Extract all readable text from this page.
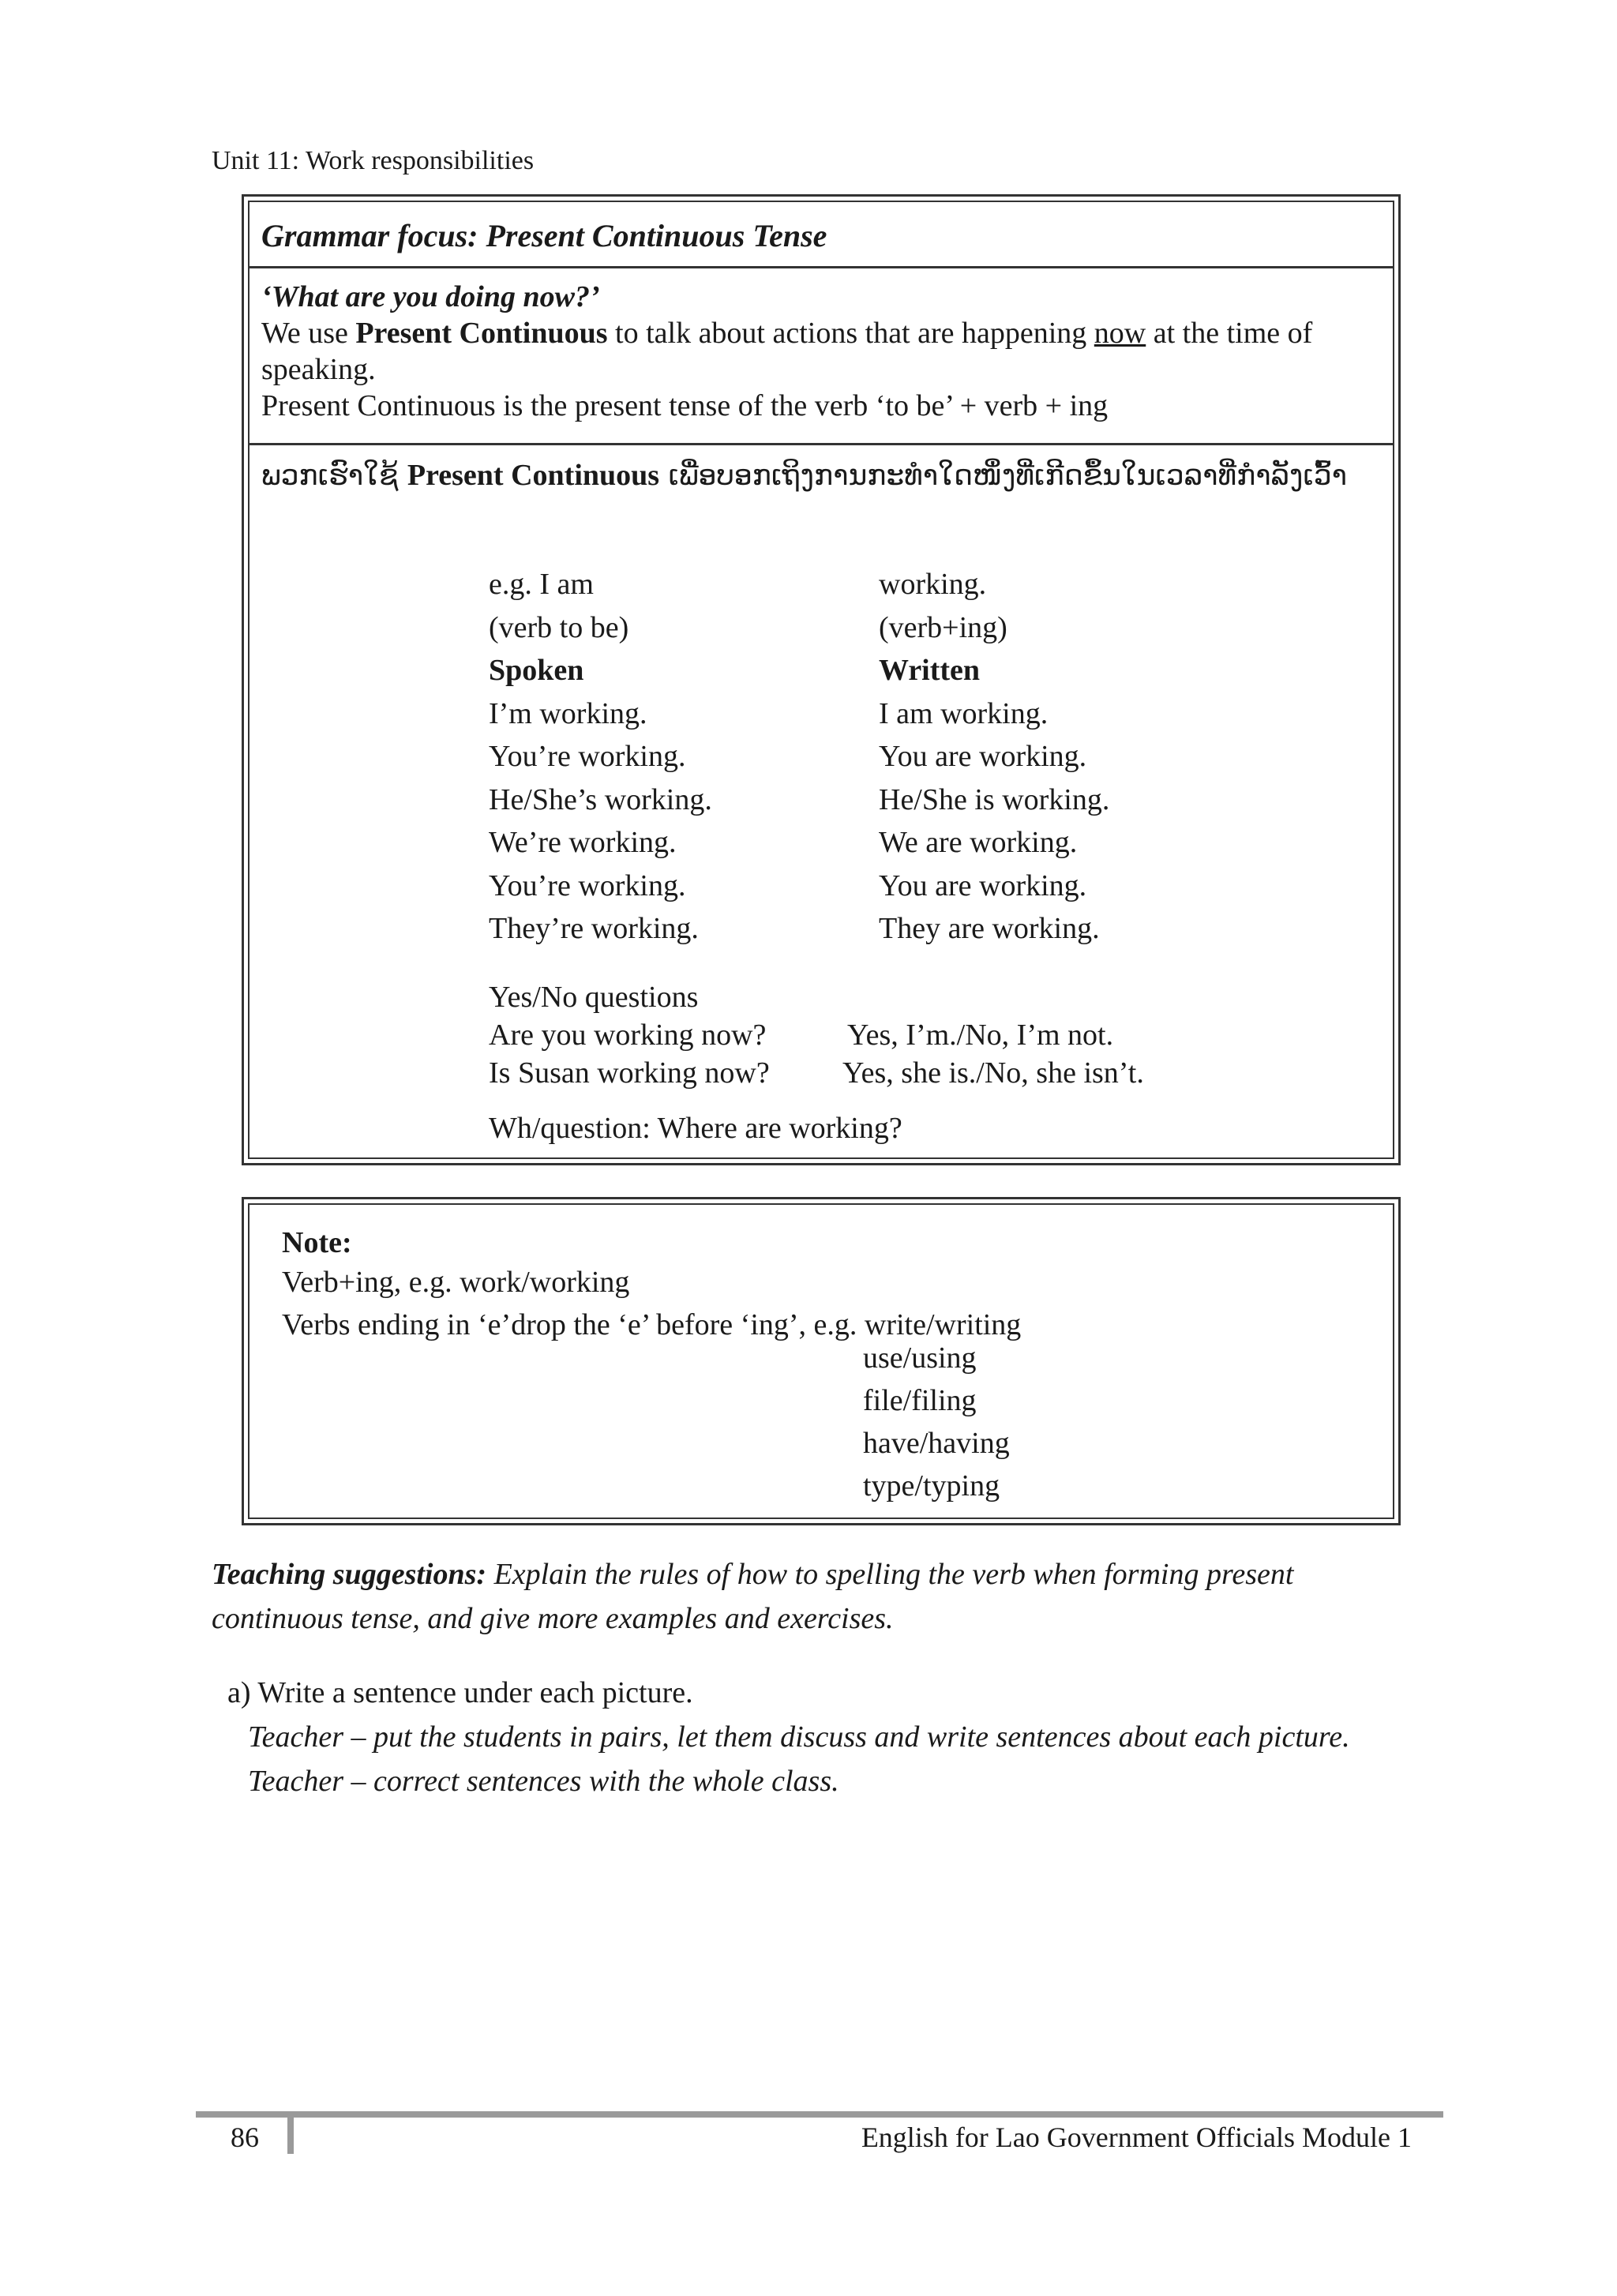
Unit 11: Work responsibilities
Grammar focus: Present Continuous Tense
‘What are you doing now?’
We use Present Continuous to talk about actions that are happening now at the time of speaking.
Present Continuous is the present tense of the verb ‘to be’ + verb + ing
ພວກເຮົາໃຊ້ Present Continuous ເພື່ອບອກເຖິງການກະທຳໃດໜຶ່ງທີ່ເກີດຂຶ້ນໃນເວລາທີ່ກຳລັງເວົ້າ
e.g. I am
(verb to be)
Spoken
I’m working.
You’re working.
He/She’s working.
We’re working.
You’re working.
They’re working.
working.
(verb+ing)
Written
I am working.
You are working.
He/She is working.
We are working.
You are working.
They are working.
Yes/No questions
Are you working now?	Yes, I’m./No, I’m not.
Is Susan working now? Yes, she is./No, she isn’t.
Wh/question: Where are working?
Note:
Verb+ing, e.g. work/working
Verbs ending in ‘e’drop the ‘e’ before ‘ing’, e.g. write/writing
use/using
file/filing
have/having
type/typing
Teaching suggestions: Explain the rules of how to spelling the verb when forming present continuous tense, and give more examples and exercises.
a) Write a sentence under each picture.
Teacher – put the students in pairs, let them discuss and write sentences about each picture.
Teacher – correct sentences with the whole class.
86	English for Lao Government Officials Module 1
